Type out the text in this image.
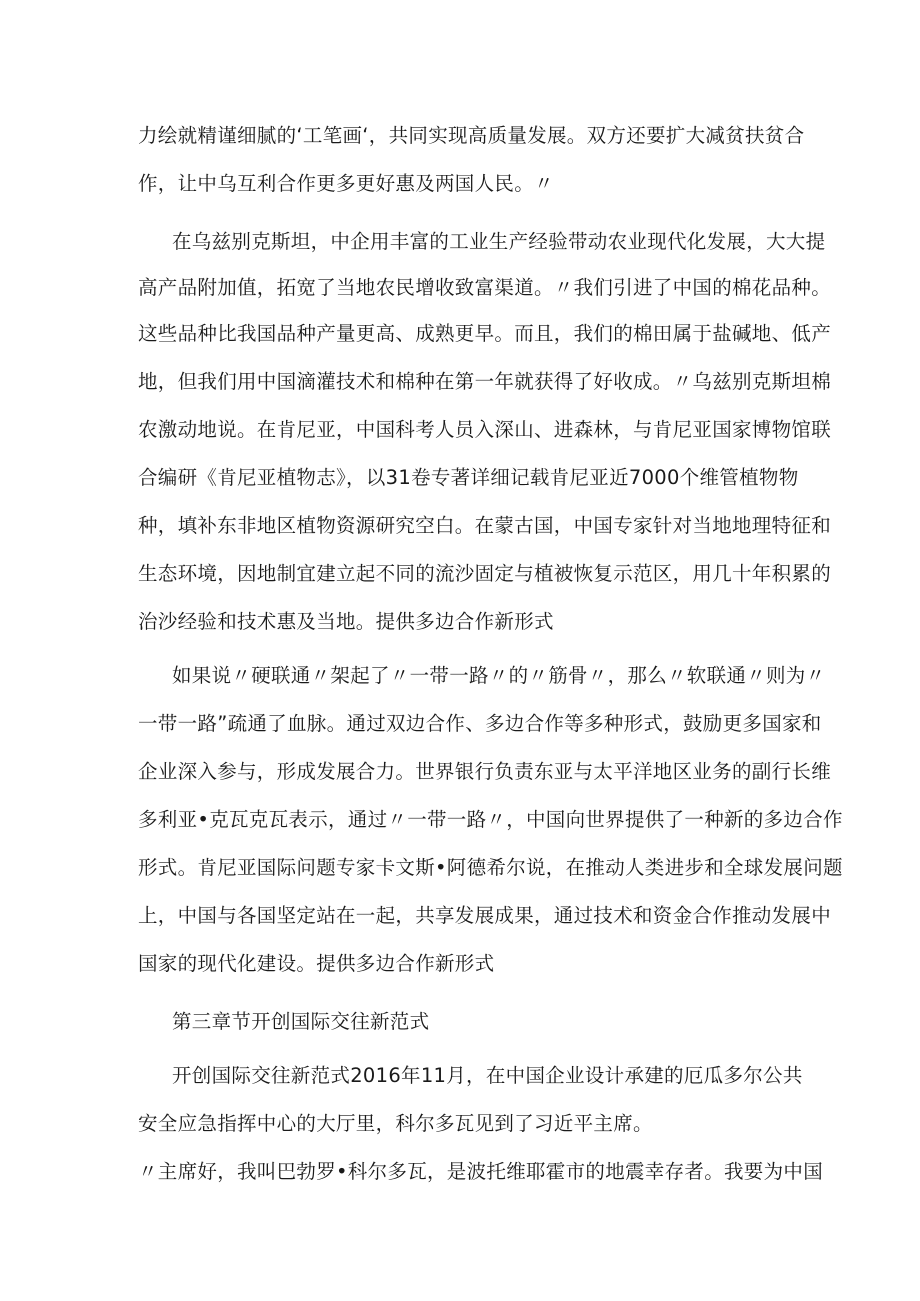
力绘就精谨细腻的‘工笔画‘，共同实现高质量发展。双方还要扩大减贫扶贫合
作，让中乌互利合作更多更好惠及两国人民。〃
在乌兹别克斯坦，中企用丰富的工业生产经验带动农业现代化发展，大大提
高产品附加值，拓宽了当地农民增收致富渠道。〃我们引进了中国的棉花品种。
这些品种比我国品种产量更高、成熟更早。而且，我们的棉田属于盐碱地、低产
地，但我们用中国滴灌技术和棉种在第一年就获得了好收成。〃乌兹别克斯坦棉
农激动地说。在肯尼亚，中国科考人员入深山、进森林，与肯尼亚国家博物馆联
合编研《肯尼亚植物志》，以31卷专著详细记载肯尼亚近7000个维管植物物
种，填补东非地区植物资源研究空白。在蒙古国，中国专家针对当地地理特征和
生态环境，因地制宜建立起不同的流沙固定与植被恢复示范区，用几十年积累的
治沙经验和技术惠及当地。提供多边合作新形式
如果说〃硬联通〃架起了〃一带一路〃的〃筋骨〃，那么〃软联通〃则为〃
一带一路”疏通了血脉。通过双边合作、多边合作等多种形式，鼓励更多国家和
企业深入参与，形成发展合力。世界银行负责东亚与太平洋地区业务的副行长维
多利亚•克瓦克瓦表示，通过〃一带一路〃，中国向世界提供了一种新的多边合作
形式。肯尼亚国际问题专家卡文斯•阿德希尔说，在推动人类进步和全球发展问题
上，中国与各国坚定站在一起，共享发展成果，通过技术和资金合作推动发展中
国家的现代化建设。提供多边合作新形式
第三章节开创国际交往新范式
开创国际交往新范式2016年11月，在中国企业设计承建的厄瓜多尔公共
安全应急指挥中心的大厅里，科尔多瓦见到了习近平主席。
〃主席好，我叫巴勃罗•科尔多瓦，是波托维耶霍市的地震幸存者。我要为中国
